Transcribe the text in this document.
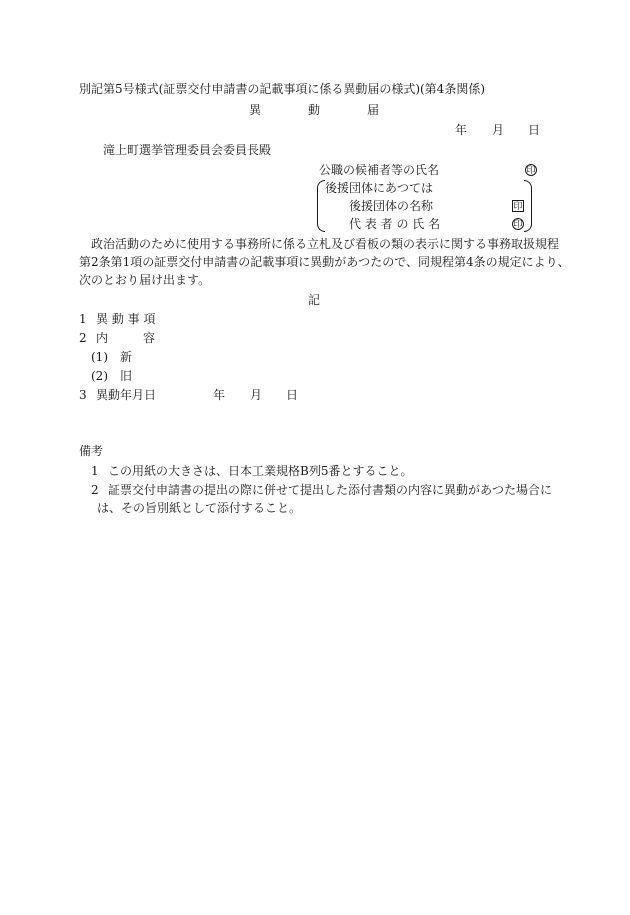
別記第5号様式(証票交付申請書の記載事項に係る異動届の様式)(第4条関係)
異	動	届
年 月 日
滝上町選挙管理委員会委員長殿
公職の候補者等の氏名	印
後援団体にあつては
後援団体の名称	印
代 表 者 の 氏 名	印
政治活動のために使用する事務所に係る立札及び看板の類の表示に関する事務取扱規程
第2条第1項の証票交付申請書の記載事項に異動があつたので、同規程第4条の規定により、
次のとおり届け出ます。
記
1 異 動 事 項
2 内	容
(1) 新
(2) 旧
3 異動年月日	年 月 日
備考
1 この用紙の大きさは、日本工業規格B列5番とすること。
2 証票交付申請書の提出の際に併せて提出した添付書類の内容に異動があつた場合に
は、その旨別紙として添付すること。
